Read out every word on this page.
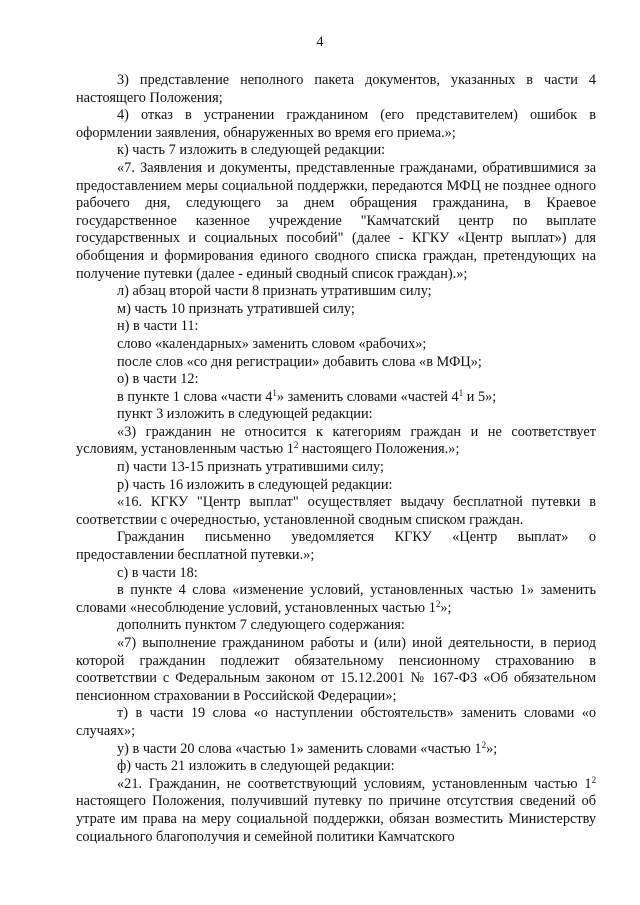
4

3) представление неполного пакета документов, указанных в части 4 настоящего Положения;

4) отказ в устранении гражданином (его представителем) ошибок в оформлении заявления, обнаруженных во время его приема.»;

к) часть 7 изложить в следующей редакции:

«7. Заявления и документы, представленные гражданами, обратившимися за предоставлением меры социальной поддержки, передаются МФЦ не позднее одного рабочего дня, следующего за днем обращения гражданина, в Краевое государственное казенное учреждение "Камчатский центр по выплате государственных и социальных пособий" (далее - КГКУ «Центр выплат») для обобщения и формирования единого сводного списка граждан, претендующих на получение путевки (далее - единый сводный список граждан).»;

л) абзац второй части 8 признать утратившим силу;

м) часть 10 признать утратившей силу;

н) в части 11:

слово «календарных» заменить словом «рабочих»;

после слов «со дня регистрации» добавить слова «в МФЦ»;

о) в части 12:

в пункте 1 слова «части $4^1$» заменить словами «частей $4^1$ и 5»;

пункт 3 изложить в следующей редакции:

«3) гражданин не относится к категориям граждан и не соответствует условиям, установленным частью $1^2$ настоящего Положения.»;

п) части 13-15 признать утратившими силу;

р) часть 16 изложить в следующей редакции:

«16. КГКУ "Центр выплат" осуществляет выдачу бесплатной путевки в соответствии с очередностью, установленной сводным списком граждан.

Гражданин письменно уведомляется КГКУ «Центр выплат» о предоставлении бесплатной путевки.»;

с) в части 18:

в пункте 4 слова «изменение условий, установленных частью 1» заменить словами «несоблюдение условий, установленных частью $1^2$»;

дополнить пунктом 7 следующего содержания:

«7) выполнение гражданином работы и (или) иной деятельности, в период которой гражданин подлежит обязательному пенсионному страхованию в соответствии с Федеральным законом от 15.12.2001 № 167-ФЗ «Об обязательном пенсионном страховании в Российской Федерации»;

т) в части 19 слова «о наступлении обстоятельств» заменить словами «о случаях»;

у) в части 20 слова «частью 1» заменить словами «частью $1^2$»;

ф) часть 21 изложить в следующей редакции:

«21. Гражданин, не соответствующий условиям, установленным частью $1^2$ настоящего Положения, получивший путевку по причине отсутствия сведений об утрате им права на меру социальной поддержки, обязан возместить Министерству социального благополучия и семейной политики Камчатского
